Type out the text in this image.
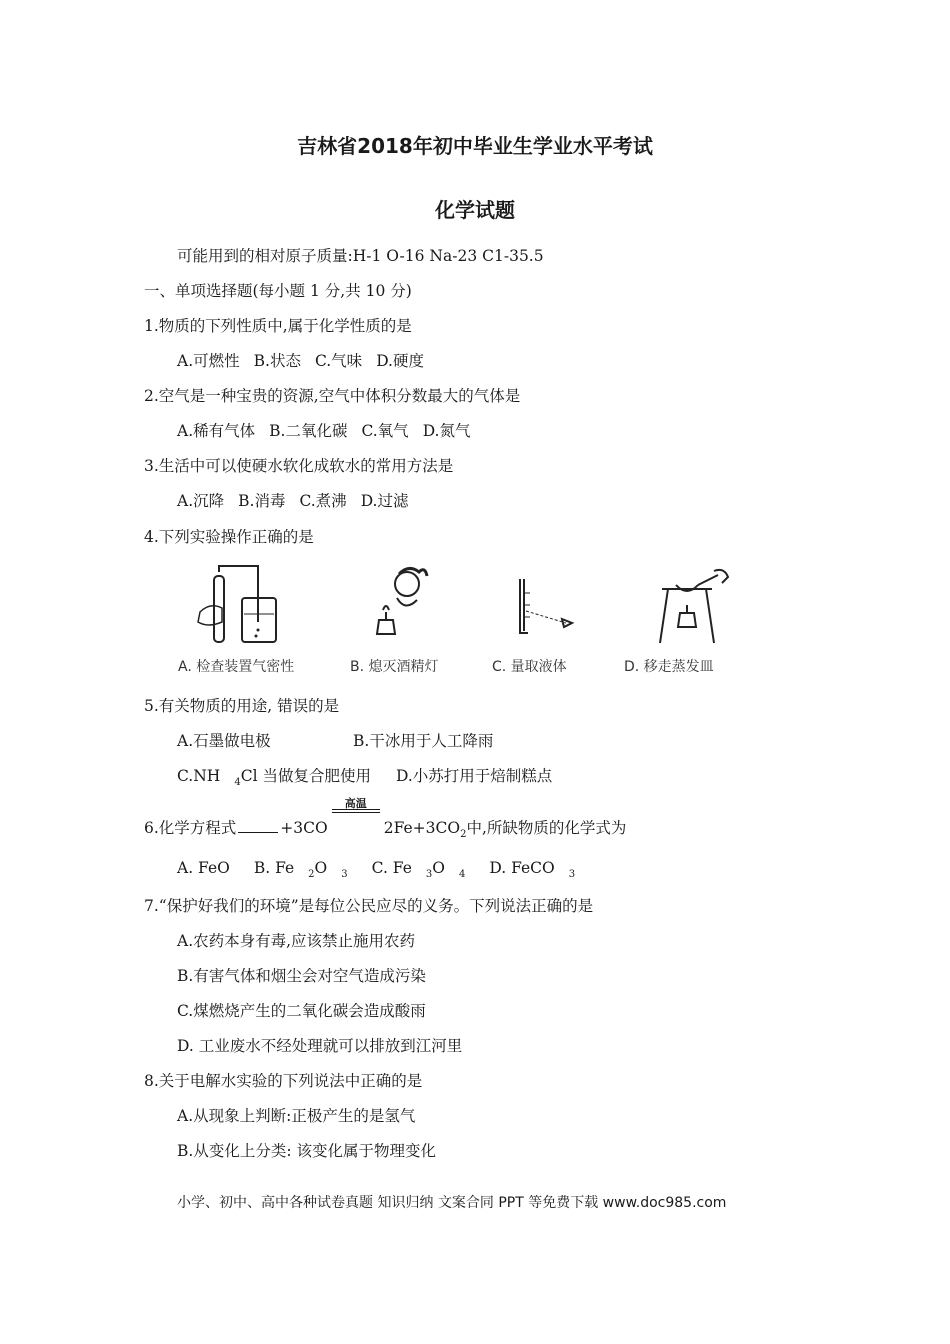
吉林省2018年初中毕业生学业水平考试
化学试题
可能用到的相对原子质量:H-1 O-16 Na-23 C1-35.5
一、单项选择题(每小题 1 分,共 10 分)
1.物质的下列性质中,属于化学性质的是
A.可燃性 B.状态 C.气味 D.硬度
2.空气是一种宝贵的资源,空气中体积分数最大的气体是
A.稀有气体 B.二氧化碳 C.氧气 D.氮气
3.生活中可以使硬水软化成软水的常用方法是
A.沉降 B.消毒 C.煮沸 D.过滤
4.下列实验操作正确的是
A. 检查装置气密性	B. 熄灭酒精灯	C. 量取液体	D. 移走蒸发皿
5.有关物质的用途, 错误的是
A.石墨做电极	B.干冰用于人工降雨
C.NH $_4$Cl 当做复合肥使用	D.小苏打用于焙制糕点
6.化学方程式	+3CO
高温
$2Fe+3CO_2$中,所缺物质的化学式为
A. FeO B. Fe $_2$O $_3$ C. Fe $_3$O $_4$ D. FeCO $_3$
7.“保护好我们的环境”是每位公民应尽的义务。下列说法正确的是
A.农药本身有毒,应该禁止施用农药
B.有害气体和烟尘会对空气造成污染
C.煤燃烧产生的二氧化碳会造成酸雨
D. 工业废水不经处理就可以排放到江河里
8.关于电解水实验的下列说法中正确的是
A.从现象上判断:正极产生的是氢气
B.从变化上分类: 该变化属于物理变化
小学、初中、高中各种试卷真题 知识归纳 文案合同 PPT 等免费下载 www.doc985.com
